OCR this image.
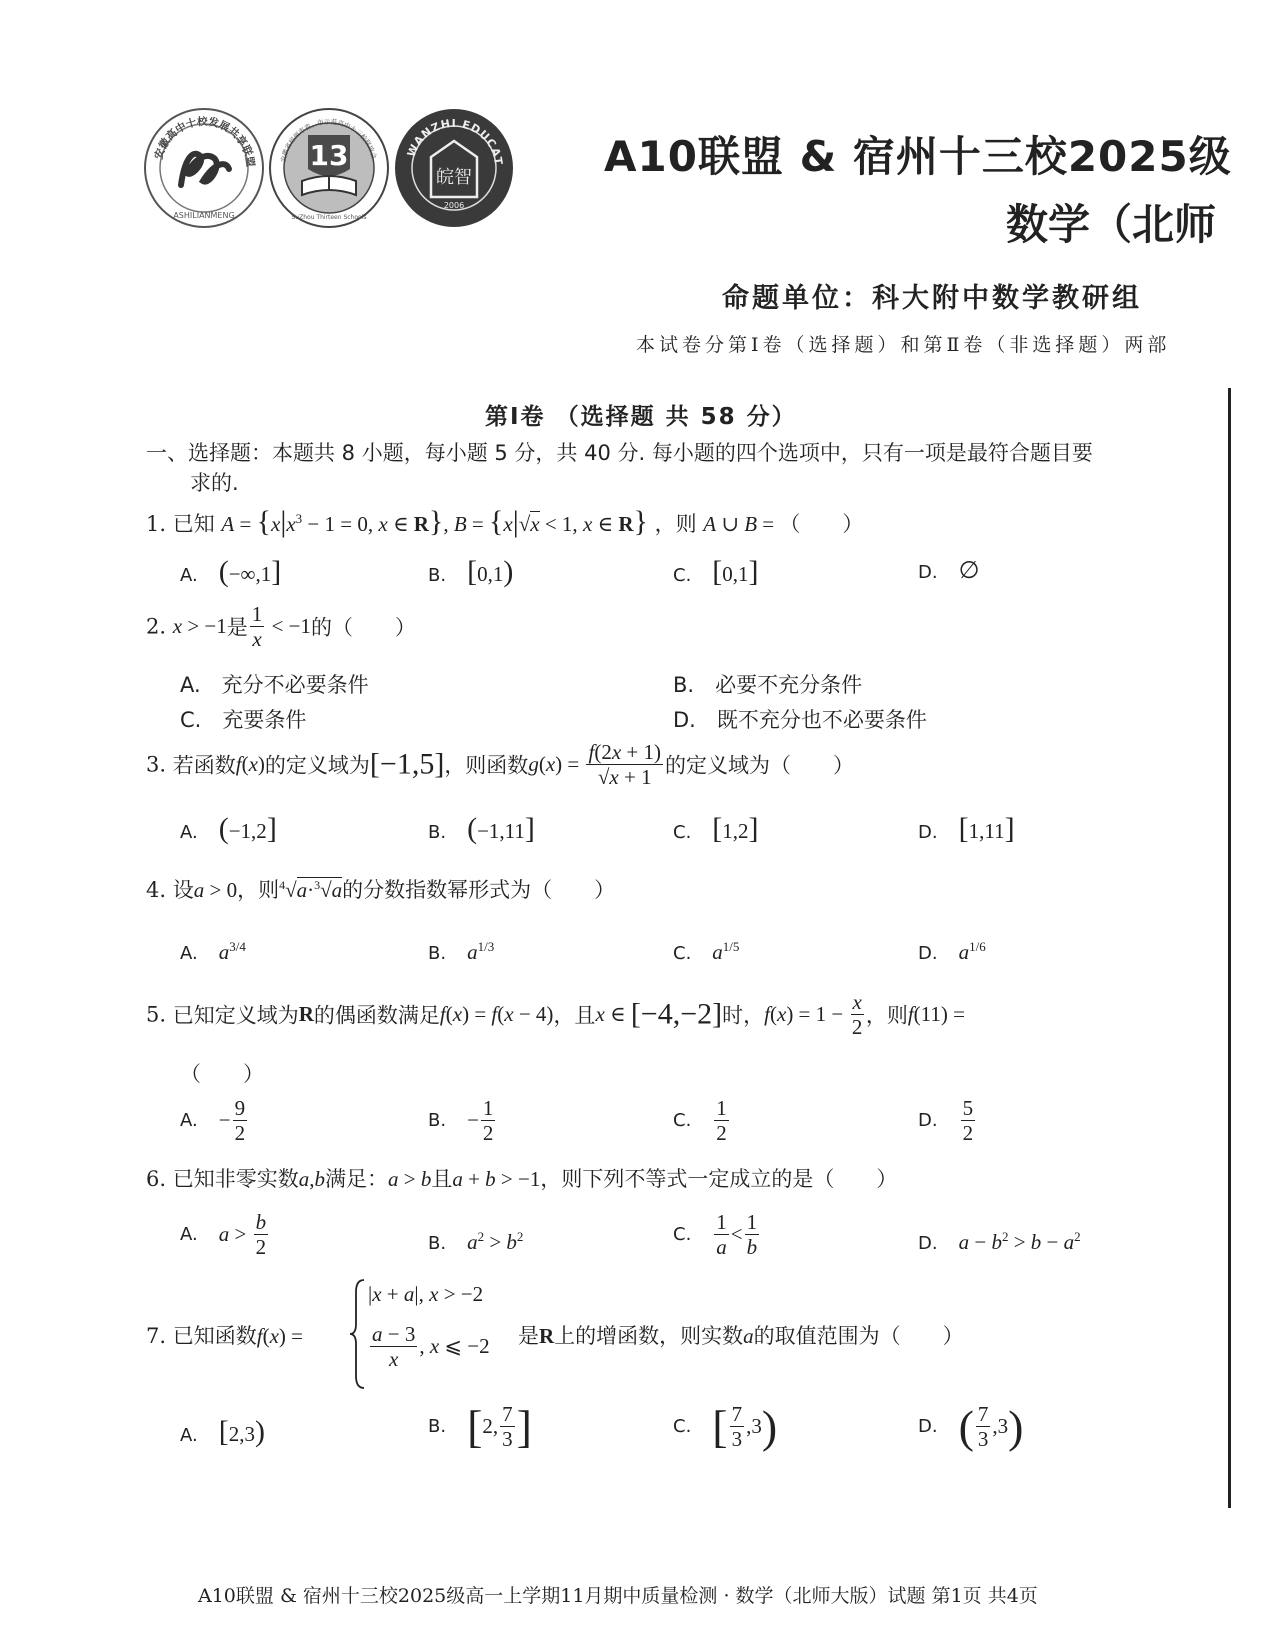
安徽高中十校发展共享联盟
ASHILIANMENG
安徽省宿州市省、市示范高中十三校联谊会
13
SuZhou Thirteen Schools
WANZHI EDUCAT
皖智
2006
A10联盟 & 宿州十三校2025级
数学（北师
命题单位：科大附中数学教研组
本试卷分第Ⅰ卷（选择题）和第Ⅱ卷（非选择题）两部
第Ⅰ卷 （选择题 共 58 分）
一、选择题：本题共 8 小题，每小题 5 分，共 40 分. 每小题的四个选项中，只有一项是最符合题目要
求的.
1. 已知 $A = \{x|x^3 - 1 = 0$, x ∈ R}, B = {x|√x < 1, x ∈ R} ，则 A ∪ B = （　　）
A.　 (−∞,1]	B.　 [0,1)	C.　 [0,1]	D.　 ∅
2. x > −1是 $\frac{1}{x} < -1$的（　　）
A.　充分不必要条件	B.　必要不充分条件
C.　充要条件	D.　既不充分也不必要条件
3. 若函数f(x)的定义域为[−1,5]，则函数$g(x) = \frac{f(2x + 1)}{√x + 1}$ 的定义域为（　　）
A.　 (−1,2]	B.　 (−1,11]	C.　 [1,2]	D.　 [1,11]
4. 设a > 0，则$^4$√a·$^3$√a的分数指数幂形式为（　　）
A.　 $a^{3/4}$	B.　 $a^{1/3}$	C.　 $a^{1/5}$	D.　 $a^{1/6}$
5. 已知定义域为R的偶函数满足f(x) = f(x − 4)，且x ∈ [−4,−2]时，$f(x) = 1 - \frac{x}{2}$ ，则f(11) =
（　　）
A.　 − $\frac{9}{2}$	B.　 − $\frac{1}{2}$	C.　 $\frac{1}{2}$	D.　 $\frac{5}{2}$
6. 已知非零实数a,b满足：a > b且a + b > −1，则下列不等式一定成立的是（　　）
A.　 $a > \frac{b}{2}$	B.　 $a^2 > b^2$	C.　 $\frac{1}{a} < \frac{1}{b}$	D.　 $a - b^2 > b - a^2$
7. 已知函数f(x) =
|x + a|, x > −2
$\frac{a - 3}{x}$ , x ⩽ −2 是R上的增函数，则实数a的取值范围为（　　）
A.　 [2,3)	B.　 [2, $\frac{7}{3}$ ]	C.　 [ $\frac{7}{3} ,3$)	D.　 ( $\frac{7}{3} ,3$)
A10联盟 & 宿州十三校2025级高一上学期11月期中质量检测 · 数学（北师大版）试题 第1页 共4页
